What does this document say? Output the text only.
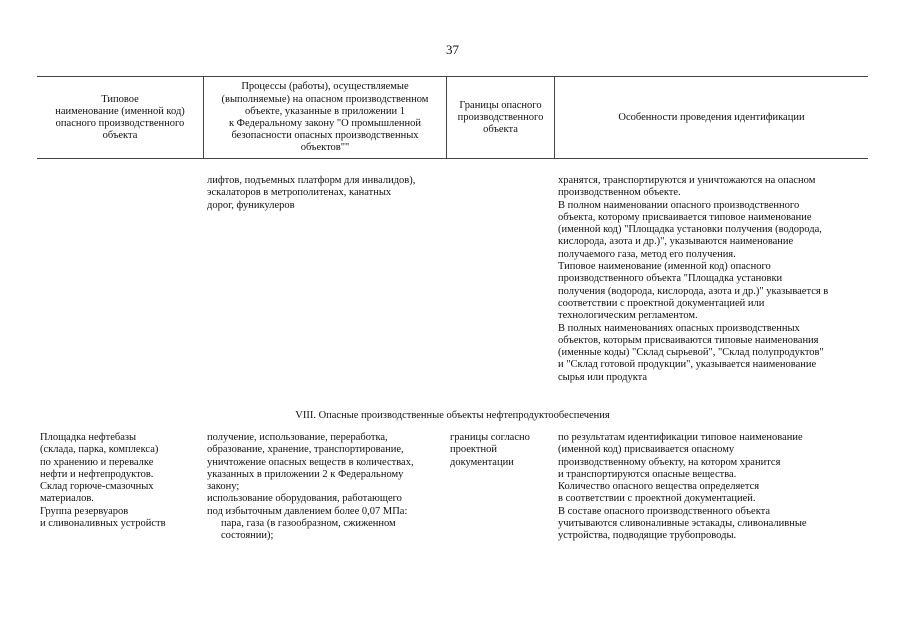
37
Типовое
наименование (именной код)
опасного производственного
объекта
Процессы (работы), осуществляемые
(выполняемые) на опасном производственном
объекте, указанные в приложении 1
к Федеральному закону "О промышленной
безопасности опасных производственных
объектов""
Границы опасного
производственного
объекта
Особенности проведения идентификации
лифтов, подъемных платформ для инвалидов),
эскалаторов в метрополитенах, канатных
дорог, фуникулеров
хранятся, транспортируются и уничтожаются на опасном
производственном объекте.
В полном наименовании опасного производственного
объекта, которому присваивается типовое наименование
(именной код) "Площадка установки получения (водорода,
кислорода, азота и др.)", указываются наименование
получаемого газа, метод его получения.
Типовое наименование (именной код) опасного
производственного объекта "Площадка установки
получения (водорода, кислорода, азота и др.)" указывается в
соответствии с проектной документацией или
технологическим регламентом.
В полных наименованиях опасных производственных
объектов, которым присваиваются типовые наименования
(именные коды) "Склад сырьевой", "Склад полупродуктов"
и "Склад готовой продукции", указывается наименование
сырья или продукта
VIII. Опасные производственные объекты нефтепродуктообеспечения
Площадка нефтебазы
(склада, парка, комплекса)
по хранению и перевалке
нефти и нефтепродуктов.
Склад горюче-смазочных
материалов.
Группа резервуаров
и сливоналивных устройств
получение, использование, переработка,
образование, хранение, транспортирование,
уничтожение опасных веществ в количествах,
указанных в приложении 2 к Федеральному
закону;
использование оборудования, работающего
под избыточным давлением более 0,07 МПа:
пара, газа (в газообразном, сжиженном
состоянии);
границы согласно
проектной
документации
по результатам идентификации типовое наименование
(именной код) присваивается опасному
производственному объекту, на котором хранится
и транспортируются опасные вещества.
Количество опасного вещества определяется
в соответствии с проектной документацией.
В составе опасного производственного объекта
учитываются сливоналивные эстакады, сливоналивные
устройства, подводящие трубопроводы.
